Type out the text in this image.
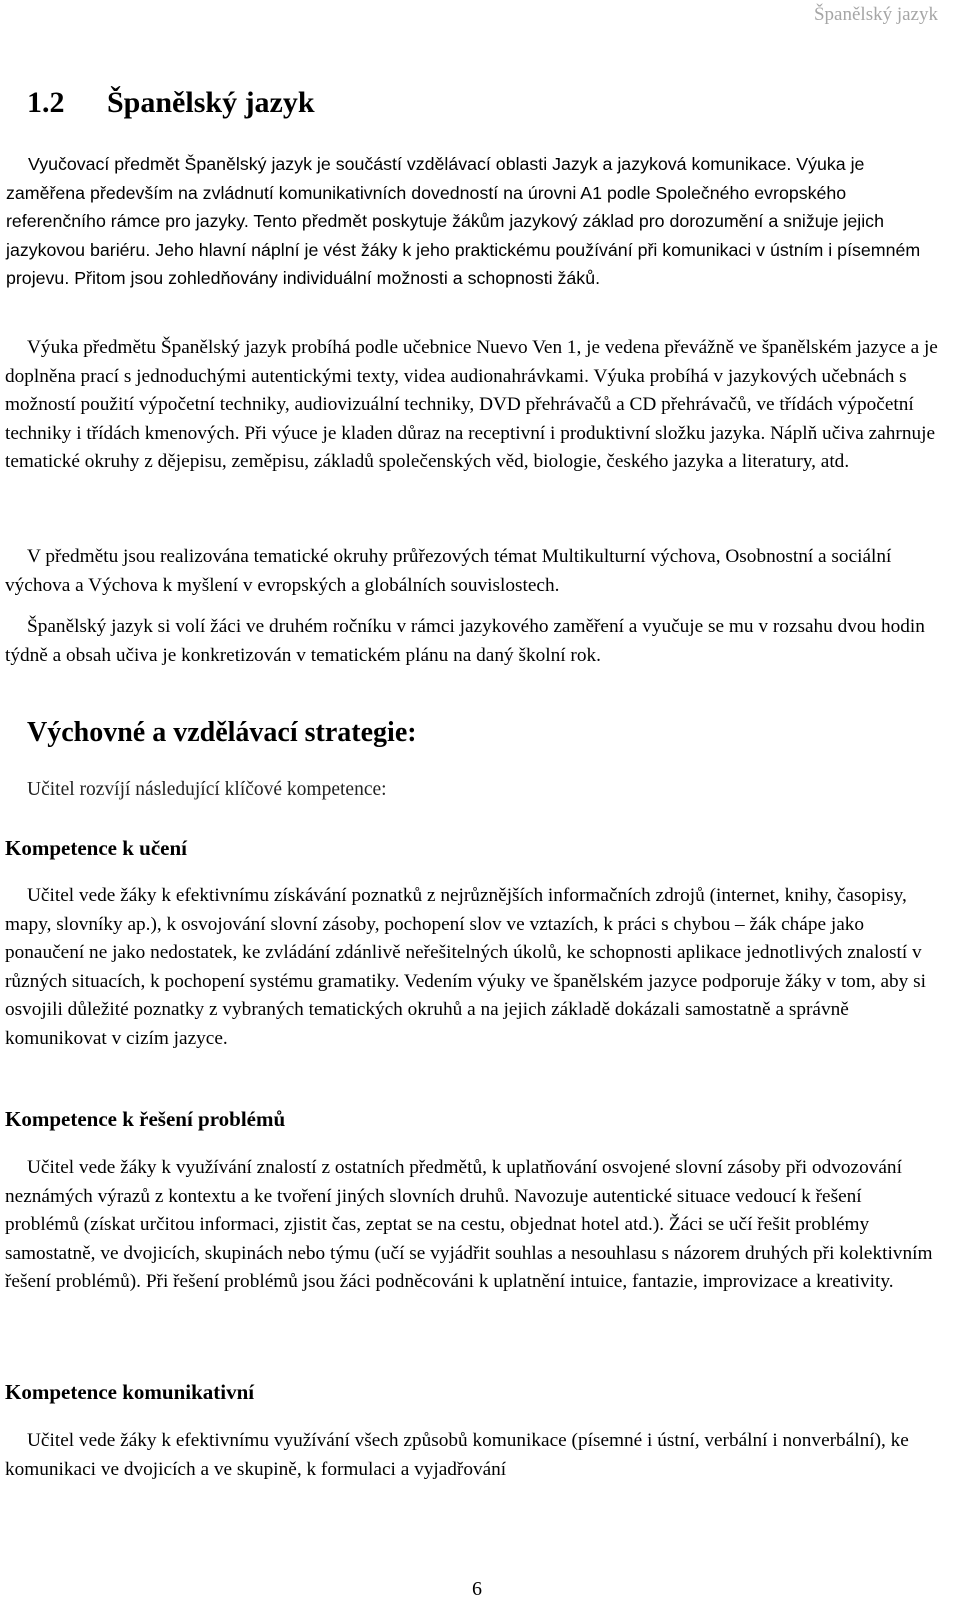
Španělský jazyk
1.2 Španělský jazyk

Vyučovací předmět Španělský jazyk je součástí vzdělávací oblasti Jazyk a jazyková komunikace. Výuka je zaměřena především na zvládnutí komunikativních dovedností na úrovni A1 podle Společného evropského referenčního rámce pro jazyky. Tento předmět poskytuje žákům jazykový základ pro dorozumění a snižuje jejich jazykovou bariéru. Jeho hlavní náplní je vést žáky k jeho praktickému používání při komunikaci v ústním i písemném projevu. Přitom jsou zohledňovány individuální možnosti a schopnosti žáků.

Výuka předmětu Španělský jazyk probíhá podle učebnice Nuevo Ven 1, je vedena převážně ve španělském jazyce a je doplněna prací s jednoduchými autentickými texty, videa audionahrávkami. Výuka probíhá v jazykových učebnách s možností použití výpočetní techniky, audiovizuální techniky, DVD přehrávačů a CD přehrávačů, ve třídách výpočetní techniky i třídách kmenových. Při výuce je kladen důraz na receptivní i produktivní složku jazyka. Náplň učiva zahrnuje tematické okruhy z dějepisu, zeměpisu, základů společenských věd, biologie, českého jazyka a literatury, atd.

V předmětu jsou realizována tematické okruhy průřezových témat Multikulturní výchova, Osobnostní a sociální výchova a Výchova k myšlení v evropských a globálních souvislostech.

Španělský jazyk si volí žáci ve druhém ročníku v rámci jazykového zaměření a vyučuje se mu v rozsahu dvou hodin týdně a obsah učiva je konkretizován v tematickém plánu na daný školní rok.

Výchovné a vzdělávací strategie:

Učitel rozvíjí následující klíčové kompetence:

Kompetence k učení

Učitel vede žáky k efektivnímu získávání poznatků z nejrůznějších informačních zdrojů (internet, knihy, časopisy, mapy, slovníky ap.), k osvojování slovní zásoby, pochopení slov ve vztazích, k práci s chybou – žák chápe jako ponaučení ne jako nedostatek, ke zvládání zdánlivě neřešitelných úkolů, ke schopnosti aplikace jednotlivých znalostí v různých situacích, k pochopení systému gramatiky. Vedením výuky ve španělském jazyce podporuje žáky v tom, aby si osvojili důležité poznatky z vybraných tematických okruhů a na jejich základě dokázali samostatně a správně komunikovat v cizím jazyce.

Kompetence k řešení problémů

Učitel vede žáky k využívání znalostí z ostatních předmětů, k uplatňování osvojené slovní zásoby při odvozování neznámých výrazů z kontextu a ke tvoření jiných slovních druhů. Navozuje autentické situace vedoucí k řešení problémů (získat určitou informaci, zjistit čas, zeptat se na cestu, objednat hotel atd.). Žáci se učí řešit problémy samostatně, ve dvojicích, skupinách nebo týmu (učí se vyjádřit souhlas a nesouhlasu s názorem druhých při kolektivním řešení problémů). Při řešení problémů jsou žáci podněcováni k uplatnění intuice, fantazie, improvizace a kreativity.

Kompetence komunikativní

Učitel vede žáky k efektivnímu využívání všech způsobů komunikace (písemné i ústní, verbální i nonverbální), ke komunikaci ve dvojicích a ve skupině, k formulaci a vyjadřování

6
